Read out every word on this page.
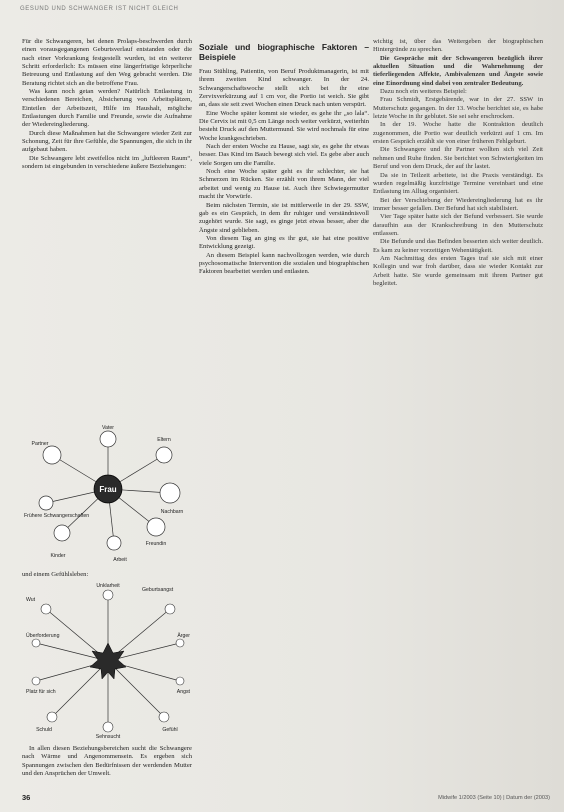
GESUND UND SCHWANGER IST NICHT GLEICH

Für die Schwangeren, bei denen Prolaps-beschwerden durch einen vorausgegangenen Geburtsverlauf entstanden oder die nach einer Vorkrankung festgestellt wurden, ist ein weiterer Schritt erforderlich: Es müssen eine längerfristige körperliche Betreuung und Entlastung auf den Weg gebracht werden. Die Beratung richtet sich an die betroffene Frau.

Was kann noch getan werden? Natürlich Entlastung in verschiedenen Bereichen, Absicherung von Arbeitsplätzen, Einteilen der Arbeitszeit, Hilfe im Haushalt, mögliche Entlastungen durch Familie und Freunde, sowie die Aufnahme der Wiedereingliederung.

Durch diese Maßnahmen hat die Schwangere wieder Zeit zur Schonung, Zeit für ihre Gefühle, die Spannungen, die sich in ihr aufgebaut haben.

Die Schwangere lebt zweifellos nicht im „luftleeren Raum“, sondern ist eingebunden in verschiedene äußere Beziehungen:

Frau
Vater
Partner
Kinder
Arbeit
Eltern
Nachbarn
Freundin
Frühere Schwangerschaften
und einem Gefühlsleben:
Unklarheit
Geburtsangst
Wut
Überforderung	Ärger
Platz für sich	Angst
Schuld
Sehnsucht
Gefühl

In allen diesen Beziehungsbereichen sucht die Schwangere nach Wärme und Angenommensein. Es ergeben sich Spannungen zwischen den Bedürfnissen der werdenden Mutter und den Ansprüchen der Umwelt.

Soziale und biographische Faktoren – Beispiele

Frau Stühling, Patientin, von Beruf Produktmanagerin, ist mit ihrem zweiten Kind schwanger. In der 24. Schwangerschaftswoche stellt sich bei ihr eine Zervixverkürzung auf 1 cm vor, die Portio ist weich. Sie gibt an, dass sie seit zwei Wochen einen Druck nach unten verspürt.

Eine Woche später kommt sie wieder, es gehe ihr „so lala“. Die Cervix ist mit 0,5 cm Länge noch weiter verkürzt, weiterhin besteht Druck auf den Muttermund. Sie wird nochmals für eine Woche krankgeschrieben.

Nach der ersten Woche zu Hause, sagt sie, es gehe ihr etwas besser. Das Kind im Bauch bewegt sich viel. Es gebe aber auch viele Sorgen um die Familie.

Noch eine Woche später geht es ihr schlechter, sie hat Schmerzen im Rücken. Sie erzählt von ihrem Mann, der viel arbeitet und wenig zu Hause ist. Auch ihre Schwiegermutter macht ihr Vorwürfe.

Beim nächsten Termin, sie ist mittlerweile in der 29. SSW, gab es ein Gespräch, in dem ihr ruhiger und verständnisvoll zugehört wurde. Sie sagt, es ginge jetzt etwas besser, aber die Ängste sind geblieben.

Von diesem Tag an ging es ihr gut, sie hat eine positive Entwicklung gezeigt.

An diesem Beispiel kann nachvollzogen werden, wie durch psychosomatische Intervention die sozialen und biographischen Faktoren bearbeitet werden und entlasten.

wichtig ist, über das Weitergeben der biographischen Hintergründe zu sprechen.

Die Gespräche mit der Schwangeren bezüglich ihrer aktuellen Situation und die Wahrnehmung der tieferliegenden Affekte, Ambivalenzen und Ängste sowie eine Einordnung sind dabei von zentraler Bedeutung.

Dazu noch ein weiteres Beispiel:

Frau Schmidt, Erstgebärende, war in der 27. SSW in Mutterschutz gegangen. In der 13. Woche berichtet sie, es habe letzte Woche in ihr geblutet. Sie sei sehr erschrocken.

In der 19. Woche hatte die Kontraktion deutlich zugenommen, die Portio war deutlich verkürzt auf 1 cm. Im ersten Gespräch erzählt sie von einer früheren Fehlgeburt.

Die Schwangere und ihr Partner wollten sich viel Zeit nehmen und Ruhe finden. Sie berichtet von Schwierigkeiten im Beruf und von dem Druck, der auf ihr lastet.

Da sie in Teilzeit arbeitete, ist die Praxis verständigt. Es wurden regelmäßig kurzfristige Termine vereinbart und eine Entlastung im Alltag organisiert.

Bei der Verschiebung der Wiedereingliederung hat es ihr immer besser gefallen. Der Befund hat sich stabilisiert.

Vier Tage später hatte sich der Befund verbessert. Sie wurde daraufhin aus der Krankschreibung in den Mutterschutz entlassen.

Die Befunde und das Befinden besserten sich weiter deutlich. Es kam zu keiner vorzeitigen Wehentätigkeit.

Am Nachmittag des ersten Tages traf sie sich mit einer Kollegin und war froh darüber, dass sie wieder Kontakt zur Arbeit hatte. Sie wurde gemeinsam mit ihrem Partner gut begleitet.

36	Midwife 1/2003 (Seite 10) | Datum der (2003)
